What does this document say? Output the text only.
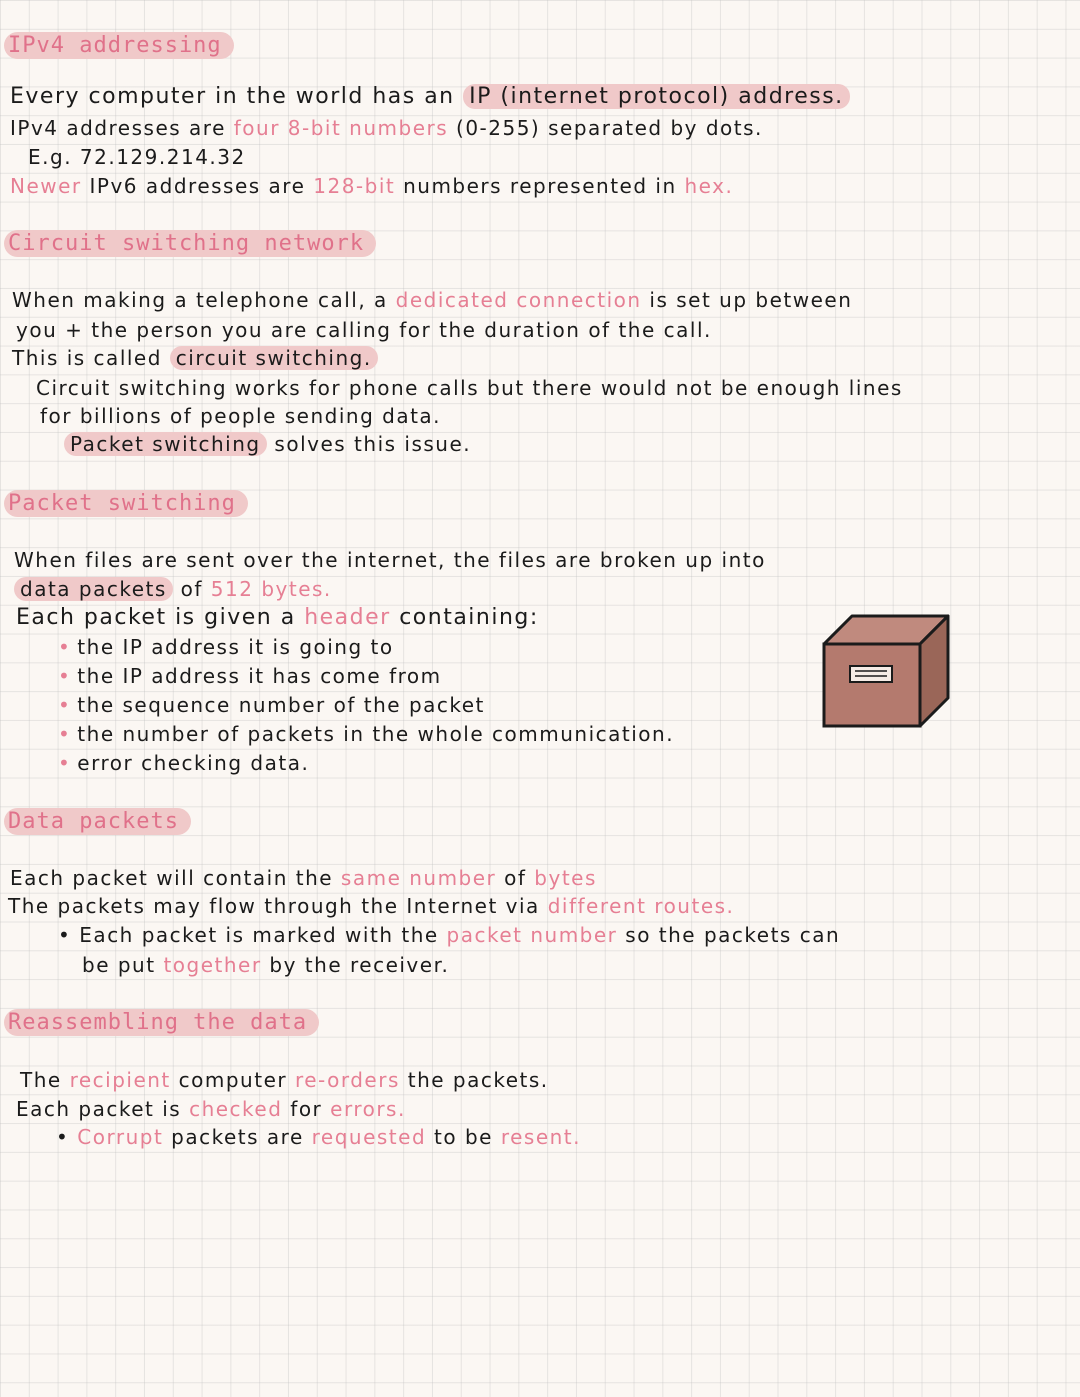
IPv4 addressing
Every computer in the world has an IP (internet protocol) address.
IPv4 addresses are four 8-bit numbers (0-255) separated by dots.
E.g. 72.129.214.32
Newer IPv6 addresses are 128-bit numbers represented in hex.
Circuit switching network
When making a telephone call, a dedicated connection is set up between
you + the person you are calling for the duration of the call.
This is called circuit switching.
Circuit switching works for phone calls but there would not be enough lines
for billions of people sending data.
Packet switching solves this issue.
Packet switching
When files are sent over the internet, the files are broken up into
data packets of 512 bytes.
Each packet is given a header containing:
• the IP address it is going to
• the IP address it has come from
• the sequence number of the packet
• the number of packets in the whole communication.
• error checking data.
Data packets
Each packet will contain the same number of bytes
The packets may flow through the Internet via different routes.
• Each packet is marked with the packet number so the packets can
be put together by the receiver.
Reassembling the data
The recipient computer re-orders the packets.
Each packet is checked for errors.
• Corrupt packets are requested to be resent.
